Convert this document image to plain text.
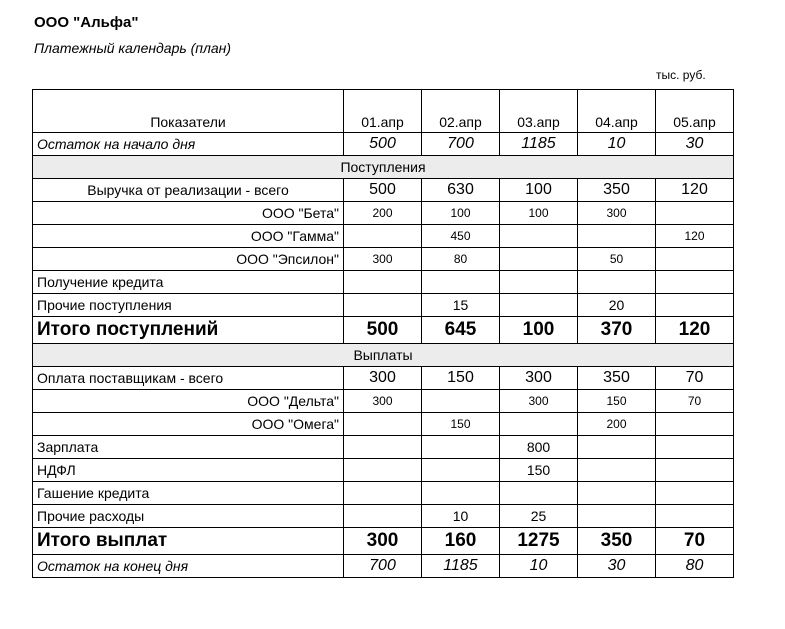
ООО "Альфа"
Платежный календарь (план)
тыс. руб.
Показатели	01.апр	02.апр	03.апр	04.апр	05.апр
Остаток на начало дня	500	700	1185	10	30
Поступления					
Выручка от реализации - всего	500	630	100	350	120
ООО "Бета"	200	100	100	300	
ООО "Гамма"		450			120
ООО "Эпсилон"	300	80		50	
Получение кредита					
Прочие поступления		15		20	
Итого поступлений	500	645	100	370	120
Выплаты					
Оплата поставщикам - всего	300	150	300	350	70
ООО "Дельта"	300		300	150	70
ООО "Омега"		150		200	
Зарплата			800		
НДФЛ			150		
Гашение кредита					
Прочие расходы		10	25		
Итого выплат	300	160	1275	350	70
Остаток на конец дня	700	1185	10	30	80
